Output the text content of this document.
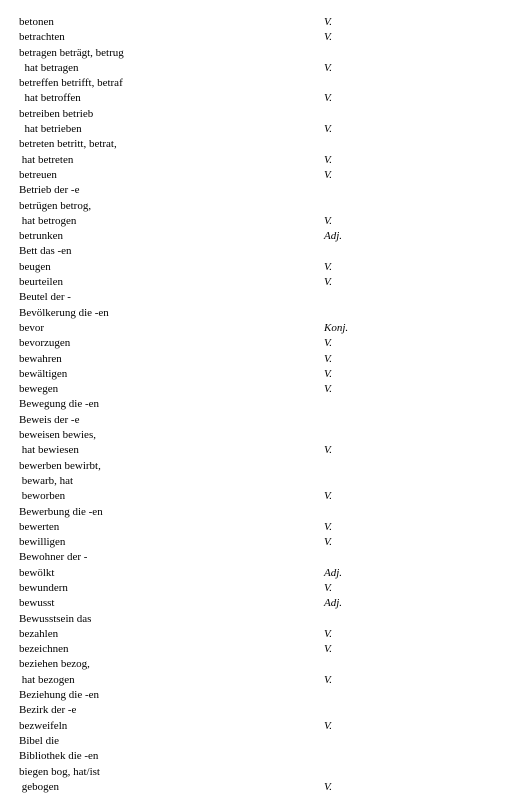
betonen	V.
betrachten	V.
betragen beträgt, betrug
hat betragen	V.
betreffen betrifft, betraf
hat betroffen	V.
betreiben betrieb
hat betrieben	V.
betreten betritt, betrat,
hat betreten	V.
betreuen	V.
Betrieb der -e
betrügen betrog,
hat betrogen	V.
betrunken	Adj.
Bett das -en
beugen	V.
beurteilen	V.
Beutel der -
Bevölkerung die -en
bevor	Konj.
bevorzugen	V.
bewahren	V.
bewältigen	V.
bewegen	V.
Bewegung die -en
Beweis der -e
beweisen bewies,
hat bewiesen	V.
bewerben bewirbt,
bewarb, hat
beworben	V.
Bewerbung die -en
bewerten	V.
bewilligen	V.
Bewohner der -
bewölkt	Adj.
bewundern	V.
bewusst	Adj.
Bewusstsein das
bezahlen	V.
bezeichnen	V.
beziehen bezog,
hat bezogen	V.
Beziehung die -en
Bezirk der -e
bezweifeln	V.
Bibel die
Bibliothek die -en
biegen bog, hat/ist
gebogen	V.
